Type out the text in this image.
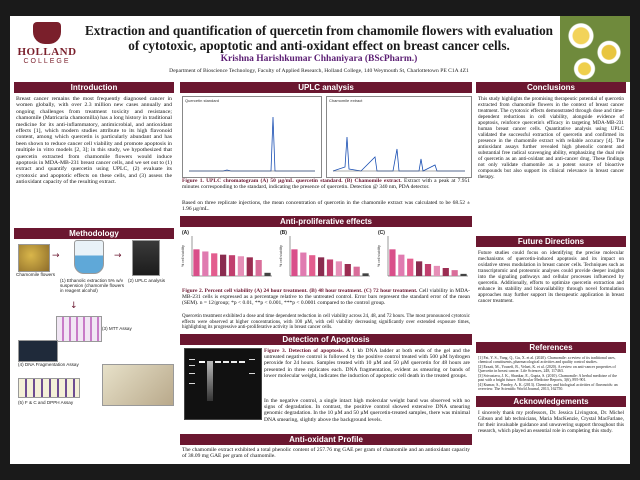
HOLLAND
COLLEGE
Extraction and quantification of quercetin from chamomile flowers with evaluation of cytotoxic, apoptotic and anti-oxidant effect on breast cancer cells.
Krishna Harishkumar Chhaniyara (BScPharm.)
Department of Bioscience Technology, Faculty of Applied Research, Holland College, 140 Weymouth St, Charlottetown PE C1A 4Z1
Introduction
Breast cancer remains the most frequently diagnosed cancer in women globally, with over 2.3 million new cases annually and ongoing challenges from treatment toxicity and resistance; chamomile (Matricaria chamomilla) has a long history in traditional medicine for its anti-inflammatory, antimicrobial, and antioxidant effects [1], which modern studies attribute to its high flavonoid content, among which quercetin is particularly abundant and has been shown to reduce cancer cell viability and promote apoptosis in multiple in vitro models [2, 3]; in this study, we hypothesized that quercetin extracted from chamomile flowers would induce apoptosis in MDA-MB-231 breast cancer cells, and we set out to (1) extract and quantify quercetin using UPLC, (2) evaluate its cytotoxic and apoptotic effects on these cells, and (3) assess the antioxidant capacity of the resulting extract.
Methodology
Chamomile flowers
→
(1) Ethanolic extraction 5% w/v suspension (chamomile flowers in reagent alcohol)
→
(2) UPLC analysis
↓
(3) MTT Assay
(4) DNA Fragmentation Assay
(5) F & C and DPPH Assay
UPLC analysis
Quercetin standard	Chamomile extract
Figure 1. UPLC chromatogram (A) 50 µg/mL quercetin standard. (B) Chamomile extract. Extract with a peak at 7.951 minutes corresponding to the standard, indicating the presence of quercetin. Detection @ 340 nm, PDA detector.
Based on three replicate injections, the mean concentration of quercetin in the chamomile extract was calculated to be 68.52 ± 1.96 µg/mL.
Anti-proliferative effects
(A)
% cell viability
(B)
% cell viability
(C)
% cell viability
Figure 2. Percent cell viability (A) 24 hour treatment. (B) 48 hour treatment. (C) 72 hour treatment. Cell viability in MDA-MB-231 cells is expressed as a percentage relative to the untreated control. Error bars represent the standard error of the mean (SEM). n = 12/group; *p < 0.01, **p < 0.001, ***p < 0.0001 compared to the control group.
Quercetin treatment exhibited a dose and time dependent reduction in cell viability across 24, 48, and 72 hours. The most pronounced cytotoxic effects were observed at higher concentrations, with 100 µM, with cell viability decreasing significantly over extended exposure times, highlighting its progressive anti-proliferative activity in breast cancer cells.
Detection of Apoptosis
Figure 3. Detection of apoptosis. A 1 kb DNA ladder at both ends of the gel and the untreated negative control is followed by the positive control treated with 500 µM hydrogen peroxide for 24 hours. Samples treated with 10 µM and 50 µM quercetin for 48 hours are presented in three replicates each. DNA fragmentation, evident as smearing or bands of lower molecular weight, indicates the induction of apoptotic cell death in the treated groups.
In the negative control, a single intact high molecular weight band was observed with no signs of degradation. In contrast, the positive control showed extensive DNA smearing genomic degradation. In the 10 µM and 50 µM quercetin-treated samples, there was minimal DNA smearing, slightly above the background levels.
Anti-oxidant Profile
The chamomile extract exhibited a total phenolic content of 257.76 mg GAE per gram of chamomile and an antioxidant capacity of 38.09 mg GAE per gram of chamomile.
Conclusions
This study highlights the promising therapeutic potential of quercetin extracted from chamomile flowers in the context of breast cancer treatment. The cytotoxic effects demonstrated through dose and time-dependent reductions in cell viability, alongside evidence of apoptosis, reinforce quercetin's efficacy in targeting MDA-MB-231 human breast cancer cells. Quantitative analysis using UPLC validated the successful extraction of quercetin and confirmed its presence in the chamomile extract with reliable accuracy [4]. The antioxidant assays further revealed high phenolic content and substantial free radical scavenging ability, emphasizing the dual role of quercetin as an anti-oxidant and anti-cancer drug. These findings not only validate chamomile as a potent source of bioactive compounds but also support its clinical relevance in breast cancer therapy.
Future Directions
Future studies could focus on identifying the precise molecular mechanisms of quercetin-induced apoptosis and its impact on oxidative stress modulation in breast cancer cells. Techniques such as transcriptomic and proteomic analyses could provide deeper insights into the signaling pathways and cellular processes influenced by quercetin. Additionally, efforts to optimize quercetin extraction and enhance its stability and bioavailability through novel formulation approaches may further support its therapeutic application in breast cancer treatment.
References
[1] Fat, Y. S., Yang, Q., Gu, X. et al. (2020). Chamomile: a review of its traditional uses, chemical constituents, pharmacological activities and quality control studies.
[2] Ezzati, M., Yousefi, B., Velaei, K. et al. (2020). A review on anti-cancer properties of Quercetin in breast cancer. Life Sciences, 248, 117463.
[3] Srivastava, J. K., Shankar, E., Gupta, S. (2010). Chamomile: A herbal medicine of the past with a bright future. Molecular Medicine Reports, 3(6), 895-901.
[4] Kumar, S., Pandey, A. K. (2013). Chemistry and biological activities of flavonoids: an overview. The Scientific World Journal, 2013, 162750.
Acknowledgements
I sincerely thank my professors, Dr. Jessica Livingston, Dr. Michel Gibson and lab technicians, Maria MacKenzie, Crystal MacFarlane, for their invaluable guidance and unwavering support throughout this research, which played an essential role in completing this study.
